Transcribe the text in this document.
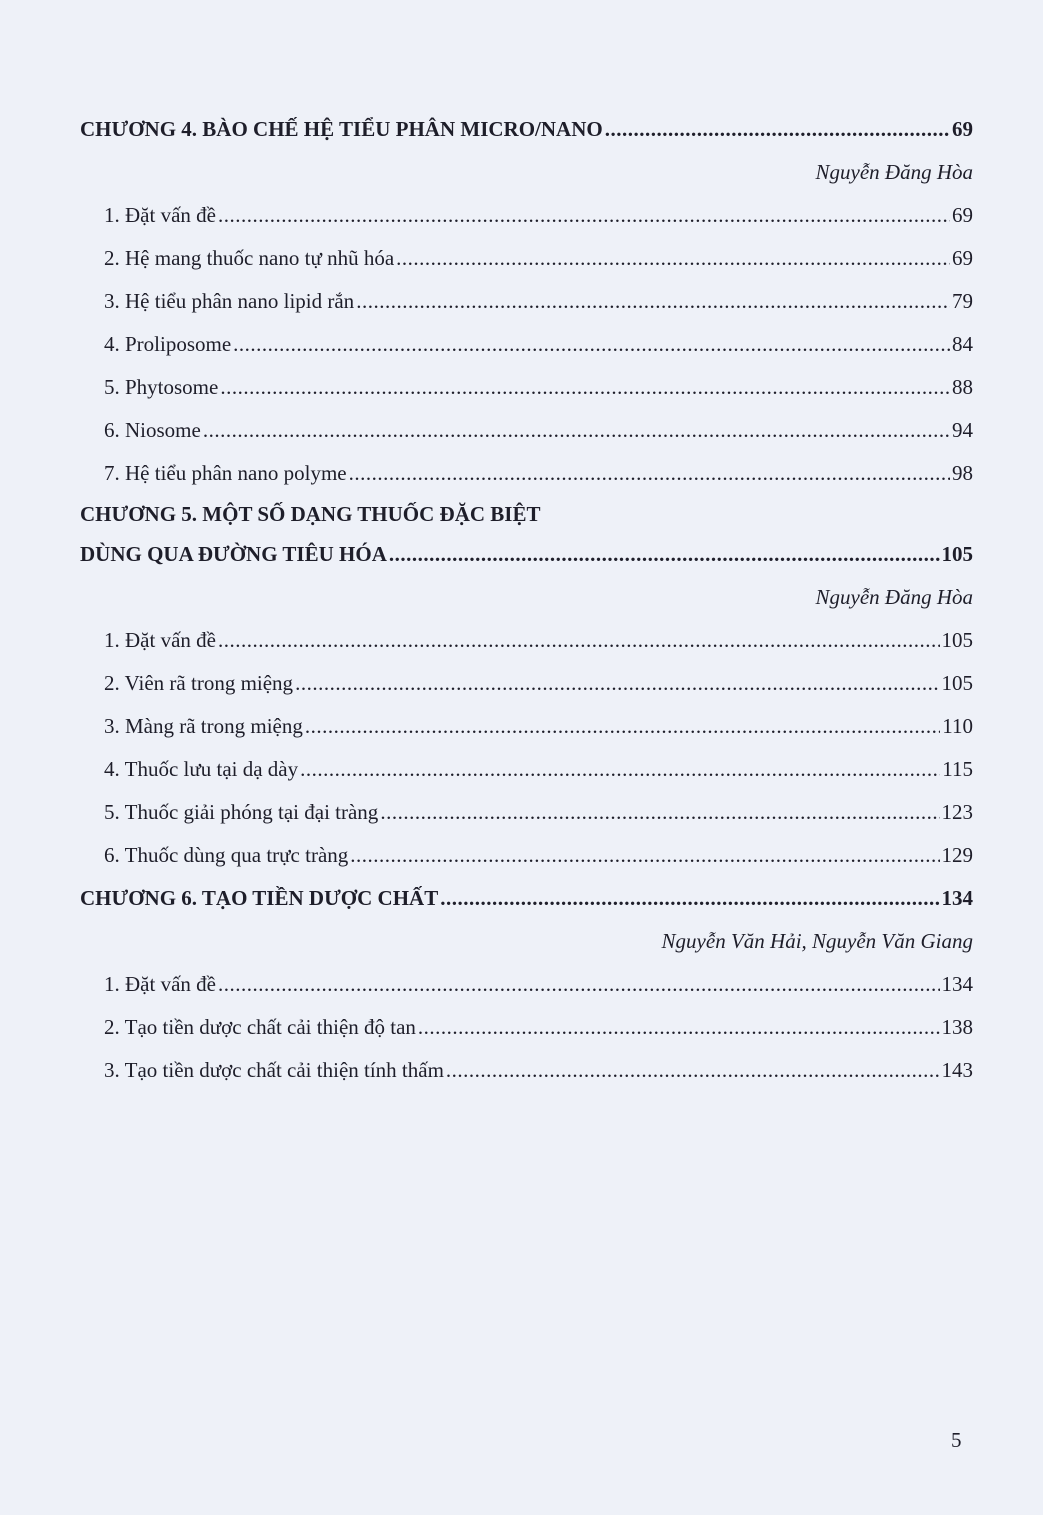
CHƯƠNG 4. BÀO CHẾ HỆ TIỂU PHÂN MICRO/NANO .....	69
Nguyễn Đăng Hòa
1. Đặt vấn đề .....	69
2. Hệ mang thuốc nano tự nhũ hóa .....	69
3. Hệ tiểu phân nano lipid rắn .....	79
4. Proliposome .....	84
5. Phytosome .....	88
6. Niosome .....	94
7. Hệ tiểu phân nano polyme .....	98
CHƯƠNG 5. MỘT SỐ DẠNG THUỐC ĐẶC BIỆT
DÙNG QUA ĐƯỜNG TIÊU HÓA .....	105
Nguyễn Đăng Hòa
1. Đặt vấn đề .....	105
2. Viên rã trong miệng .....	105
3. Màng rã trong miệng .....	110
4. Thuốc lưu tại dạ dày .....	115
5. Thuốc giải phóng tại đại tràng .....	123
6. Thuốc dùng qua trực tràng .....	129
CHƯƠNG 6. TẠO TIỀN DƯỢC CHẤT .....	134
Nguyễn Văn Hải, Nguyễn Văn Giang
1. Đặt vấn đề .....	134
2. Tạo tiền dược chất cải thiện độ tan .....	138
3. Tạo tiền dược chất cải thiện tính thấm .....	143
5
